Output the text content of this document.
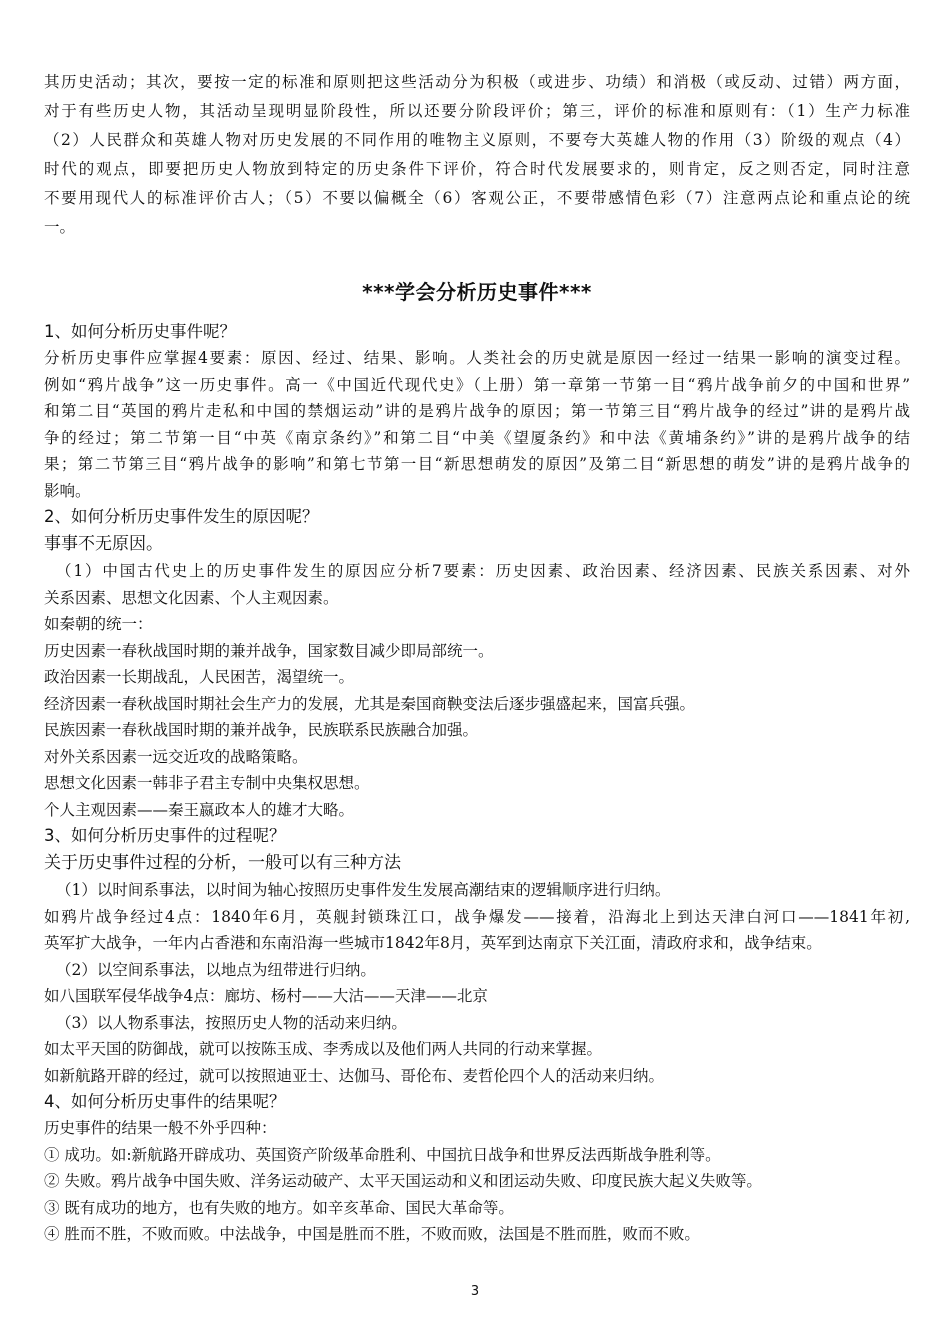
其历史活动；其次，要按一定的标准和原则把这些活动分为积极（或进步、功绩）和消极（或反动、过错）两方面，

对于有些历史人物，其活动呈现明显阶段性，所以还要分阶段评价；第三，评价的标准和原则有：（1）生产力标准

（2）人民群众和英雄人物对历史发展的不同作用的唯物主义原则，不要夸大英雄人物的作用（3）阶级的观点（4）

时代的观点，即要把历史人物放到特定的历史条件下评价，符合时代发展要求的，则肯定，反之则否定，同时注意

不要用现代人的标准评价古人；（5）不要以偏概全（6）客观公正，不要带感情色彩（7）注意两点论和重点论的统

一。

***学会分析历史事件***

1、如何分析历史事件呢？

分析历史事件应掌握4要素：原因、经过、结果、影响。人类社会的历史就是原因一经过一结果一影响的演变过程。

例如“鸦片战争”这一历史事件。高一《中国近代现代史》（上册）第一章第一节第一目“鸦片战争前夕的中国和世界”

和第二目“英国的鸦片走私和中国的禁烟运动”讲的是鸦片战争的原因；第一节第三目“鸦片战争的经过”讲的是鸦片战

争的经过；第二节第一目“中英《南京条约》”和第二目“中美《望厦条约》和中法《黄埔条约》”讲的是鸦片战争的结

果；第二节第三目“鸦片战争的影响”和第七节第一目“新思想萌发的原因”及第二目“新思想的萌发”讲的是鸦片战争的

影响。

2、如何分析历史事件发生的原因呢？

事事不无原因。

（1）中国古代史上的历史事件发生的原因应分析7要素：历史因素、政治因素、经济因素、民族关系因素、对外

关系因素、思想文化因素、个人主观因素。

如秦朝的统一：

历史因素一春秋战国时期的兼并战争，国家数目减少即局部统一。

政治因素一长期战乱，人民困苦，渴望统一。

经济因素一春秋战国时期社会生产力的发展，尤其是秦国商鞅变法后逐步强盛起来，国富兵强。

民族因素一春秋战国时期的兼并战争，民族联系民族融合加强。

对外关系因素一远交近攻的战略策略。

思想文化因素一韩非子君主专制中央集权思想。

个人主观因素——秦王嬴政本人的雄才大略。

3、如何分析历史事件的过程呢？

关于历史事件过程的分析，一般可以有三种方法

（1）以时间系事法，以时间为轴心按照历史事件发生发展高潮结束的逻辑顺序进行归纳。

如鸦片战争经过4点：1840年6月，英舰封锁珠江口，战争爆发——接着，沿海北上到达天津白河口——1841年初,

英军扩大战争，一年内占香港和东南沿海一些城市1842年8月，英军到达南京下关江面，清政府求和，战争结束。

（2）以空间系事法，以地点为纽带进行归纳。

如八国联军侵华战争4点：廊坊、杨村——大沽——天津——北京

（3）以人物系事法，按照历史人物的活动来归纳。

如太平天国的防御战，就可以按陈玉成、李秀成以及他们两人共同的行动来掌握。

如新航路开辟的经过，就可以按照迪亚士、达伽马、哥伦布、麦哲伦四个人的活动来归纳。

4、如何分析历史事件的结果呢？

历史事件的结果一般不外乎四种：

① 成功。如:新航路开辟成功、英国资产阶级革命胜利、中国抗日战争和世界反法西斯战争胜利等。

② 失败。鸦片战争中国失败、洋务运动破产、太平天国运动和义和团运动失败、印度民族大起义失败等。

③ 既有成功的地方，也有失败的地方。如辛亥革命、国民大革命等。

④ 胜而不胜，不败而败。中法战争，中国是胜而不胜，不败而败，法国是不胜而胜，败而不败。

3
